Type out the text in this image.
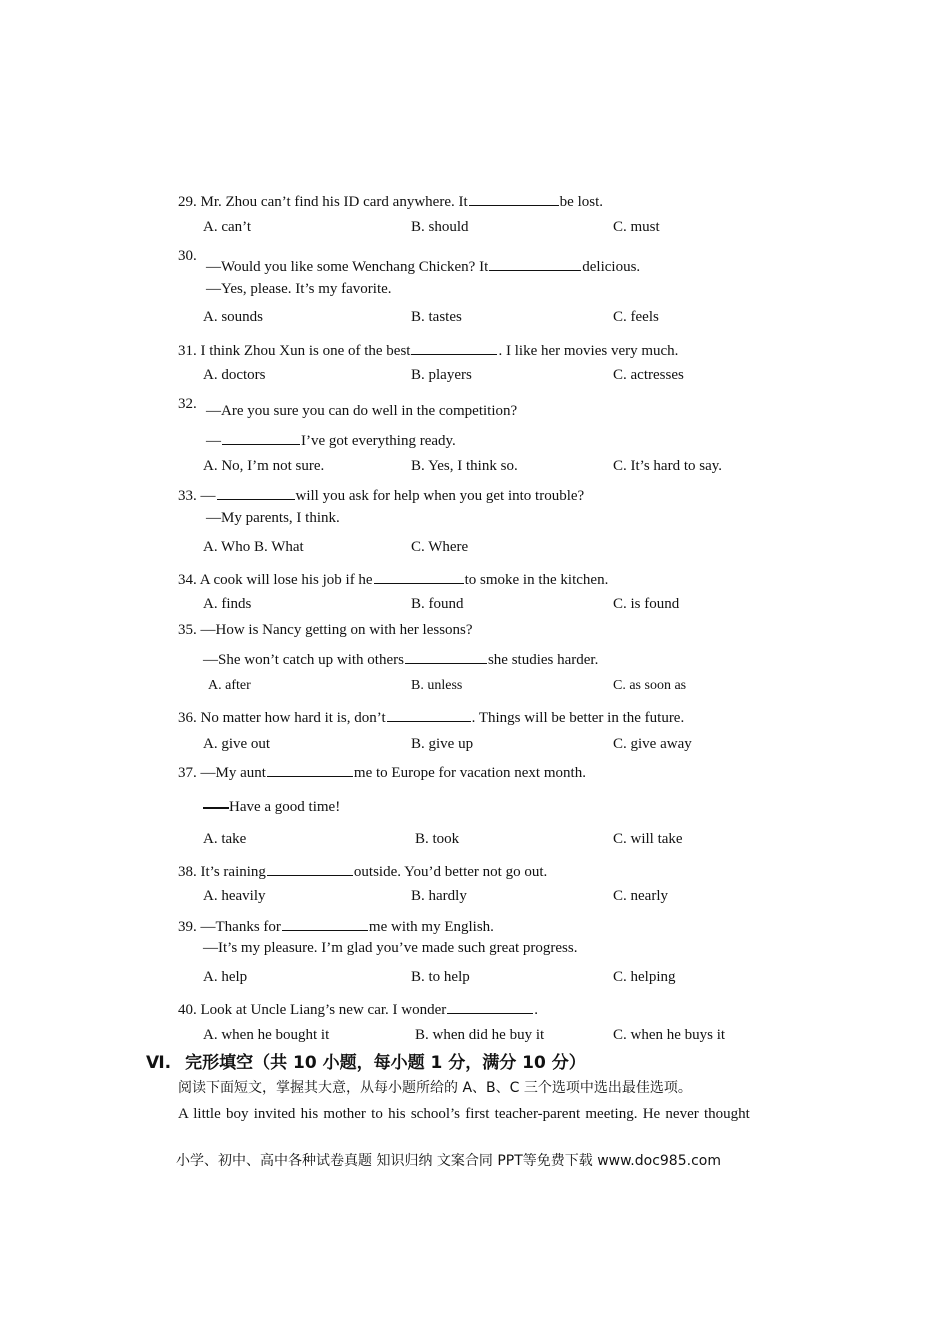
29. Mr. Zhou can’t find his ID card anywhere. It	be lost.
A. can’t	B. should	C. must
30.
—Would you like some Wenchang Chicken? It	delicious.
—Yes, please. It’s my favorite.
A. sounds	B. tastes	C. feels
31. I think Zhou Xun is one of the best	. I like her movies very much.
A. doctors	B. players	C. actresses
32. —Are you sure you can do well in the competition?
—	I’ve got everything ready.
A. No, I’m not sure.	B. Yes, I think so.	C. It’s hard to say.
33. —	will you ask for help when you get into trouble?
—My parents, I think.
A. Who B. What	C. Where
34. A cook will lose his job if he	to smoke in the kitchen.
A. finds	B. found	C. is found
35. —How is Nancy getting on with her lessons?
—She won’t catch up with others	she studies harder.
A. after	B. unless	C. as soon as
36. No matter how hard it is, don’t	. Things will be better in the future.
A. give out	B. give up	C. give away
37. —My aunt	me to Europe for vacation next month.
Have a good time!
A. take	B. took	C. will take
38. It’s raining	outside. You’d better not go out.
A. heavily	B. hardly	C. nearly
39. —Thanks for	me with my English.
—It’s my pleasure. I’m glad you’ve made such great progress.
A. help	B. to help	C. helping
40. Look at Uncle Liang’s new car. I wonder	.
A. when he bought it	B. when did he buy it	C. when he buys it
Ⅵ. 完形填空（共 10 小题，每小题 1 分，满分 10 分）
阅读下面短文，掌握其大意，从每小题所给的 A、B、C 三个选项中选出最佳选项。
A little boy invited his mother to his school’s first teacher-parent meeting. He never thought
小学、初中、高中各种试卷真题 知识归纳 文案合同 PPT等免费下载 www.doc985.com
